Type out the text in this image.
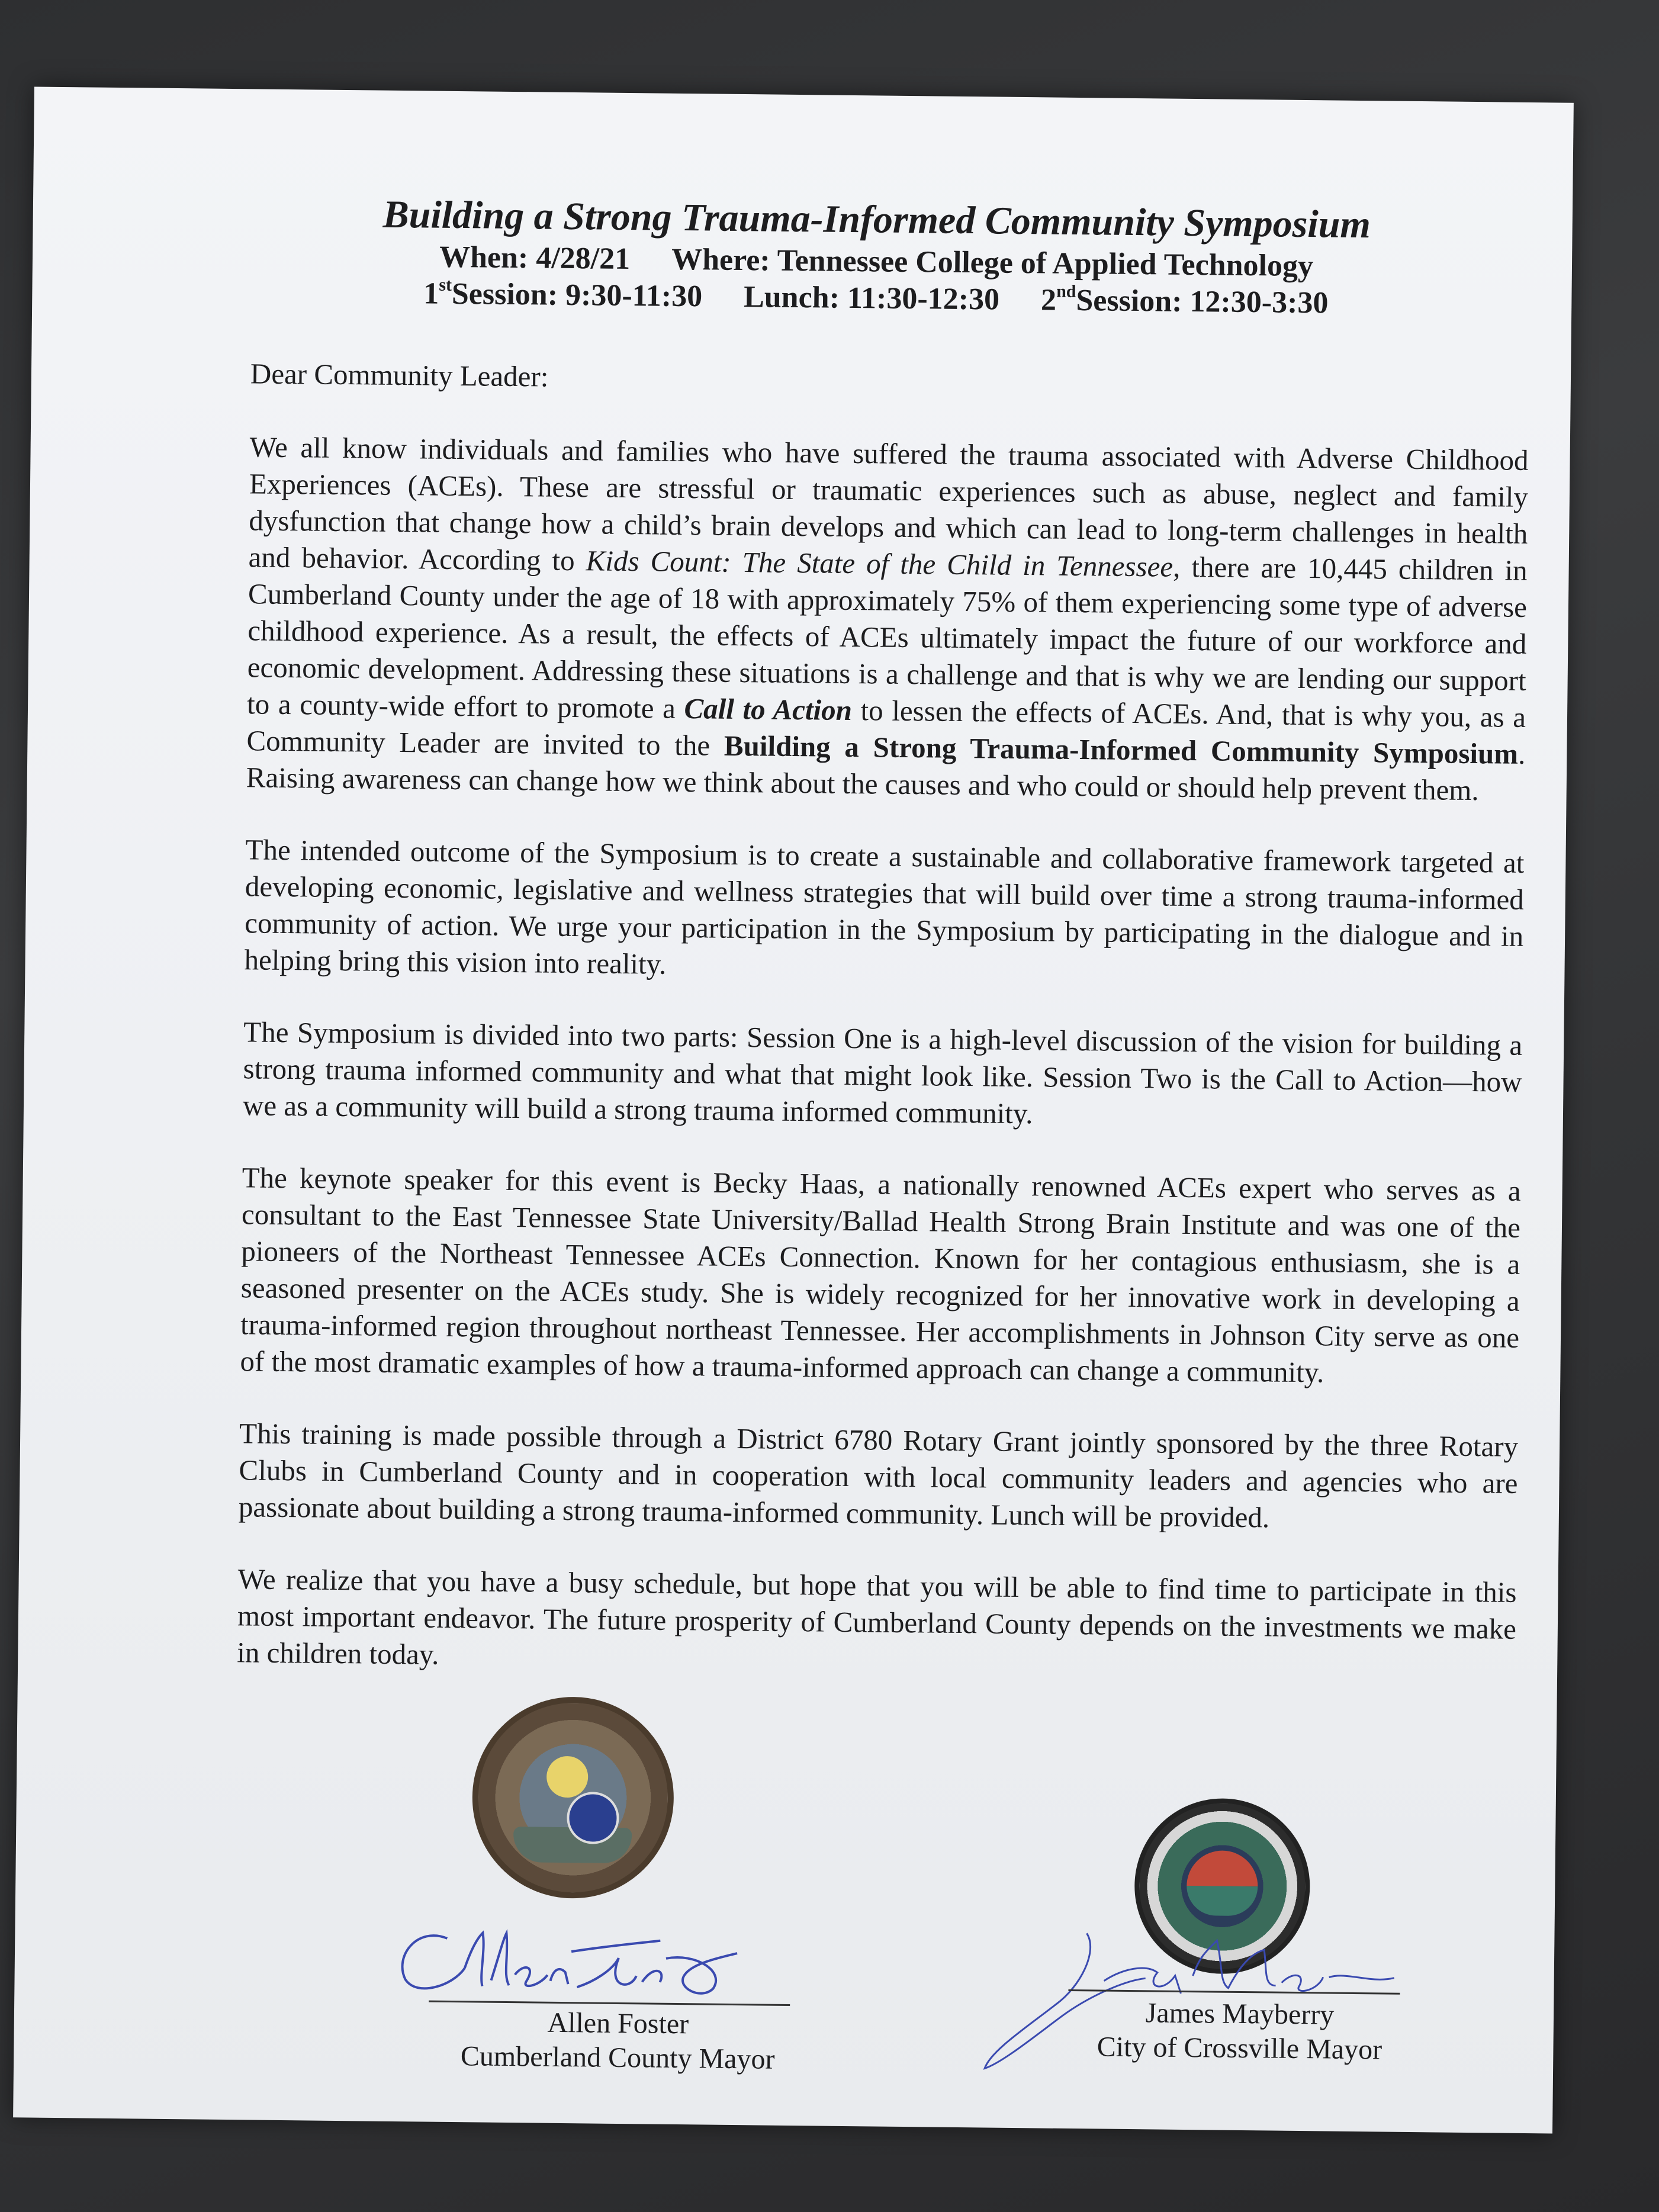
Building a Strong Trauma-Informed Community Symposium
When: 4/28/21 Where: Tennessee College of Applied Technology
1stSession: 9:30-11:30 Lunch: 11:30-12:30 2ndSession: 12:30-3:30
Dear Community Leader:

We all know individuals and families who have suffered the trauma associated with Adverse Childhood Experiences (ACEs). These are stressful or traumatic experiences such as abuse, neglect and family dysfunction that change how a child’s brain develops and which can lead to long-term challenges in health and behavior. According to Kids Count: The State of the Child in Tennessee, there are 10,445 children in Cumberland County under the age of 18 with approximately 75% of them experiencing some type of adverse childhood experience. As a result, the effects of ACEs ultimately impact the future of our workforce and economic development. Addressing these situations is a challenge and that is why we are lending our support to a county-wide effort to promote a Call to Action to lessen the effects of ACEs. And, that is why you, as a Community Leader are invited to the Building a Strong Trauma-Informed Community Symposium. Raising awareness can change how we think about the causes and who could or should help prevent them.

The intended outcome of the Symposium is to create a sustainable and collaborative framework targeted at developing economic, legislative and wellness strategies that will build over time a strong trauma-informed community of action. We urge your participation in the Symposium by participating in the dialogue and in helping bring this vision into reality.

The Symposium is divided into two parts: Session One is a high-level discussion of the vision for building a strong trauma informed community and what that might look like. Session Two is the Call to Action—how we as a community will build a strong trauma informed community.

The keynote speaker for this event is Becky Haas, a nationally renowned ACEs expert who serves as a consultant to the East Tennessee State University/Ballad Health Strong Brain Institute and was one of the pioneers of the Northeast Tennessee ACEs Connection. Known for her contagious enthusiasm, she is a seasoned presenter on the ACEs study. She is widely recognized for her innovative work in developing a trauma-informed region throughout northeast Tennessee. Her accomplishments in Johnson City serve as one of the most dramatic examples of how a trauma-informed approach can change a community.

This training is made possible through a District 6780 Rotary Grant jointly sponsored by the three Rotary Clubs in Cumberland County and in cooperation with local community leaders and agencies who are passionate about building a strong trauma-informed community. Lunch will be provided.

We realize that you have a busy schedule, but hope that you will be able to find time to participate in this most important endeavor. The future prosperity of Cumberland County depends on the investments we make in children today.

Allen Foster
Cumberland County Mayor
James Mayberry
City of Crossville Mayor
